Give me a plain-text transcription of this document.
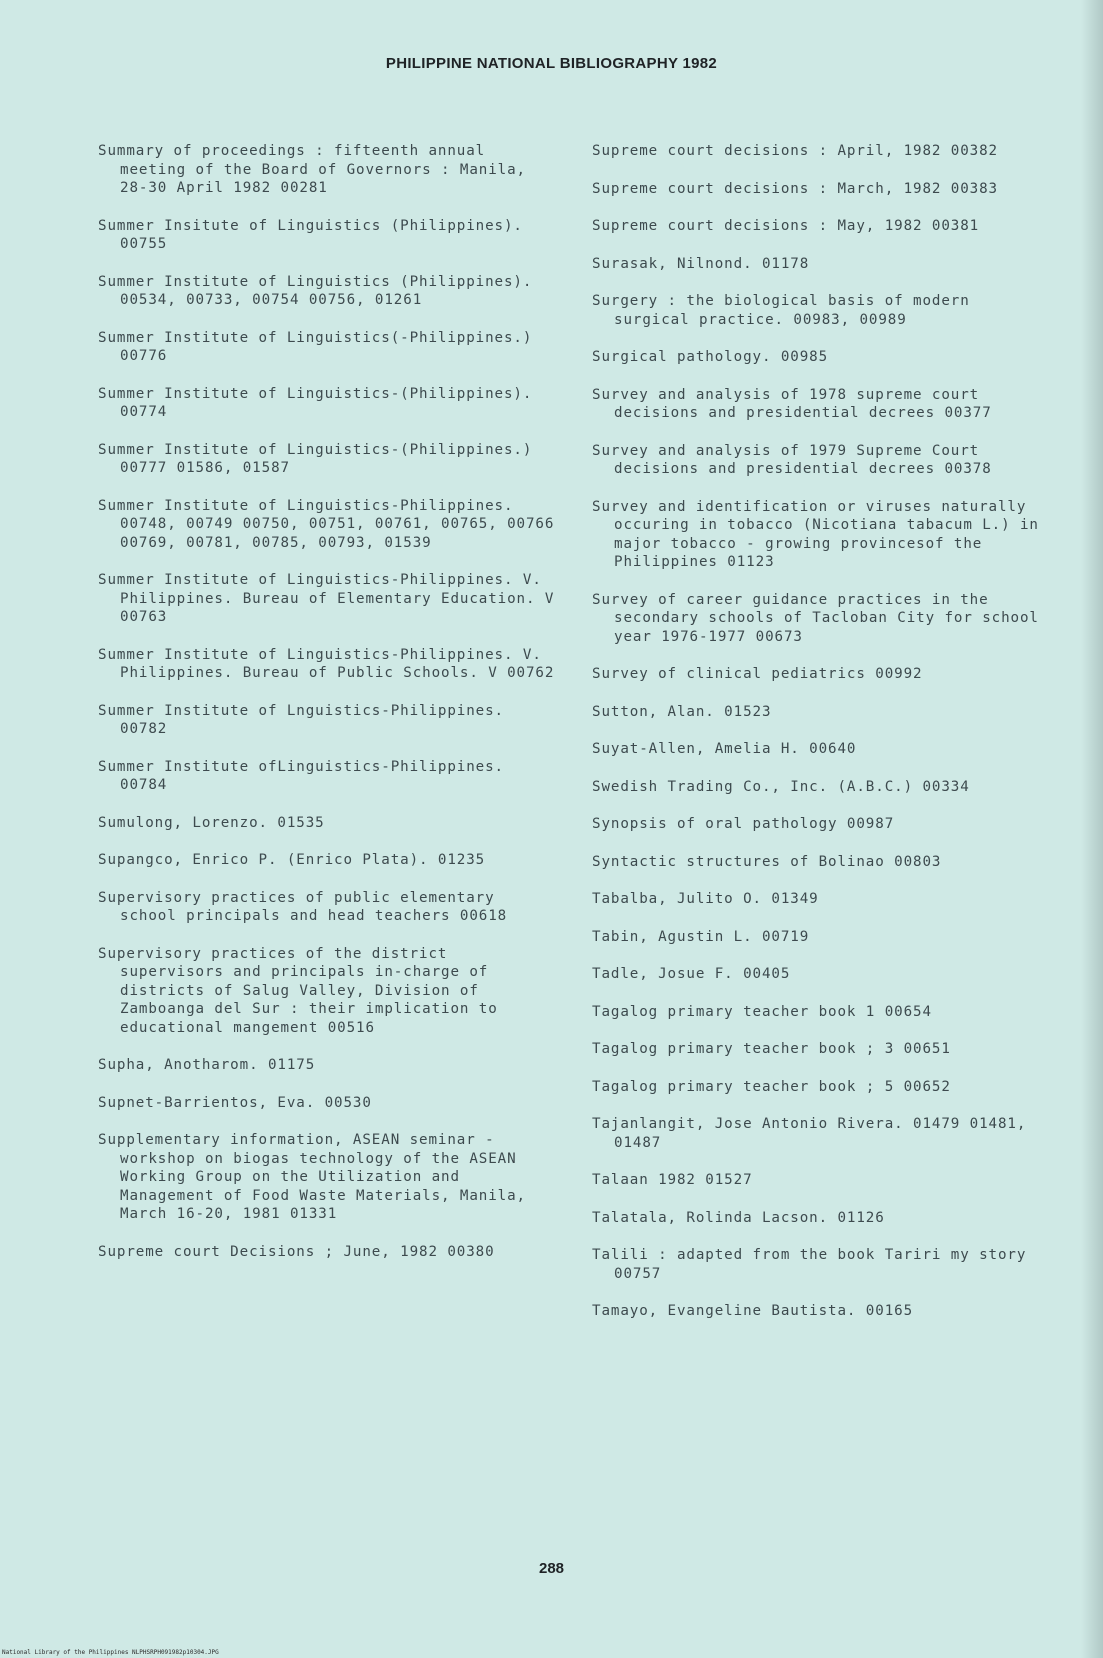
PHILIPPINE NATIONAL BIBLIOGRAPHY 1982
Summary of proceedings : fifteenth annual meeting of the Board of Governors : Manila, 28-30 April 1982 00281
Summer Insitute of Linguistics (Philippines). 00755
Summer Institute of Linguistics (Philippines). 00534, 00733, 00754 00756, 01261
Summer Institute of Linguistics(-Philippines.) 00776
Summer Institute of Linguistics-(Philippines). 00774
Summer Institute of Linguistics-(Philippines.) 00777 01586, 01587
Summer Institute of Linguistics-Philippines. 00748, 00749 00750, 00751, 00761, 00765, 00766 00769, 00781, 00785, 00793, 01539
Summer Institute of Linguistics-Philippines. V. Philippines. Bureau of Elementary Education. V 00763
Summer Institute of Linguistics-Philippines. V. Philippines. Bureau of Public Schools. V 00762
Summer Institute of Lnguistics-Philippines. 00782
Summer Institute ofLinguistics-Philippines. 00784
Sumulong, Lorenzo. 01535
Supangco, Enrico P. (Enrico Plata). 01235
Supervisory practices of public elementary school principals and head teachers 00618
Supervisory practices of the district supervisors and principals in-charge of districts of Salug Valley, Division of Zamboanga del Sur : their implication to educational mangement 00516
Supha, Anotharom. 01175
Supnet-Barrientos, Eva. 00530
Supplementary information, ASEAN seminar - workshop on biogas technology of the ASEAN Working Group on the Utilization and Management of Food Waste Materials, Manila, March 16-20, 1981 01331
Supreme court Decisions ; June, 1982 00380
Supreme court decisions : April, 1982 00382
Supreme court decisions : March, 1982 00383
Supreme court decisions : May, 1982 00381
Surasak, Nilnond. 01178
Surgery : the biological basis of modern surgical practice. 00983, 00989
Surgical pathology. 00985
Survey and analysis of 1978 supreme court decisions and presidential decrees 00377
Survey and analysis of 1979 Supreme Court decisions and presidential decrees 00378
Survey and identification or viruses naturally occuring in tobacco (Nicotiana tabacum L.) in major tobacco - growing provincesof the Philippines 01123
Survey of career guidance practices in the secondary schools of Tacloban City for school year 1976-1977 00673
Survey of clinical pediatrics 00992
Sutton, Alan. 01523
Suyat-Allen, Amelia H. 00640
Swedish Trading Co., Inc. (A.B.C.) 00334
Synopsis of oral pathology 00987
Syntactic structures of Bolinao 00803
Tabalba, Julito O. 01349
Tabin, Agustin L. 00719
Tadle, Josue F. 00405
Tagalog primary teacher book 1 00654
Tagalog primary teacher book ; 3 00651
Tagalog primary teacher book ; 5 00652
Tajanlangit, Jose Antonio Rivera. 01479 01481, 01487
Talaan 1982 01527
Talatala, Rolinda Lacson. 01126
Talili : adapted from the book Tariri my story 00757
Tamayo, Evangeline Bautista. 00165
288
National Library of the Philippines NLPHSRPH091982p10304.JPG
